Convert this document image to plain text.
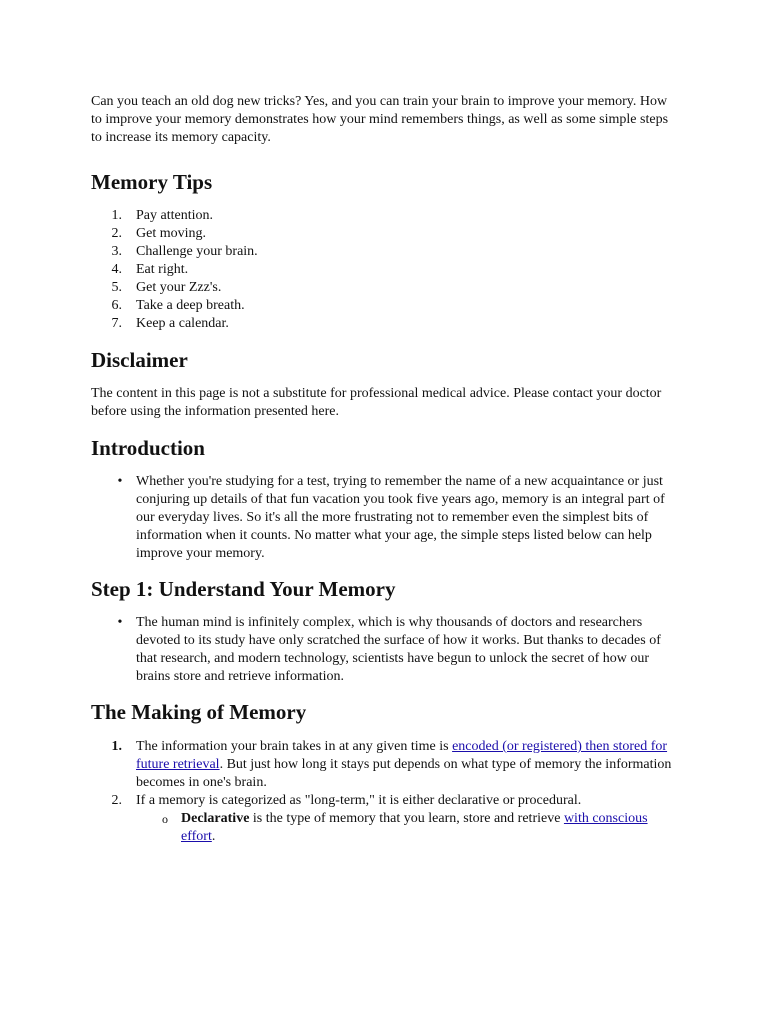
Can you teach an old dog new tricks? Yes, and you can train your brain to improve your memory. How to improve your memory demonstrates how your mind remembers things, as well as some simple steps to increase its memory capacity.

Memory Tips
1. Pay attention.
2. Get moving.
3. Challenge your brain.
4. Eat right.
5. Get your Zzz's.
6. Take a deep breath.
7. Keep a calendar.
Disclaimer

The content in this page is not a substitute for professional medical advice. Please contact your doctor before using the information presented here.

Introduction
• Whether you're studying for a test, trying to remember the name of a new acquaintance or just conjuring up details of that fun vacation you took five years ago, memory is an integral part of our everyday lives. So it's all the more frustrating not to remember even the simplest bits of information when it counts. No matter what your age, the simple steps listed below can help improve your memory.
Step 1: Understand Your Memory
• The human mind is infinitely complex, which is why thousands of doctors and researchers devoted to its study have only scratched the surface of how it works. But thanks to decades of that research, and modern technology, scientists have begun to unlock the secret of how our brains store and retrieve information.
The Making of Memory
1. The information your brain takes in at any given time is encoded (or registered) then stored for future retrieval. But just how long it stays put depends on what type of memory the information becomes in one's brain.
2. If a memory is categorized as "long-term," it is either declarative or procedural.
o Declarative is the type of memory that you learn, store and retrieve with conscious effort.
